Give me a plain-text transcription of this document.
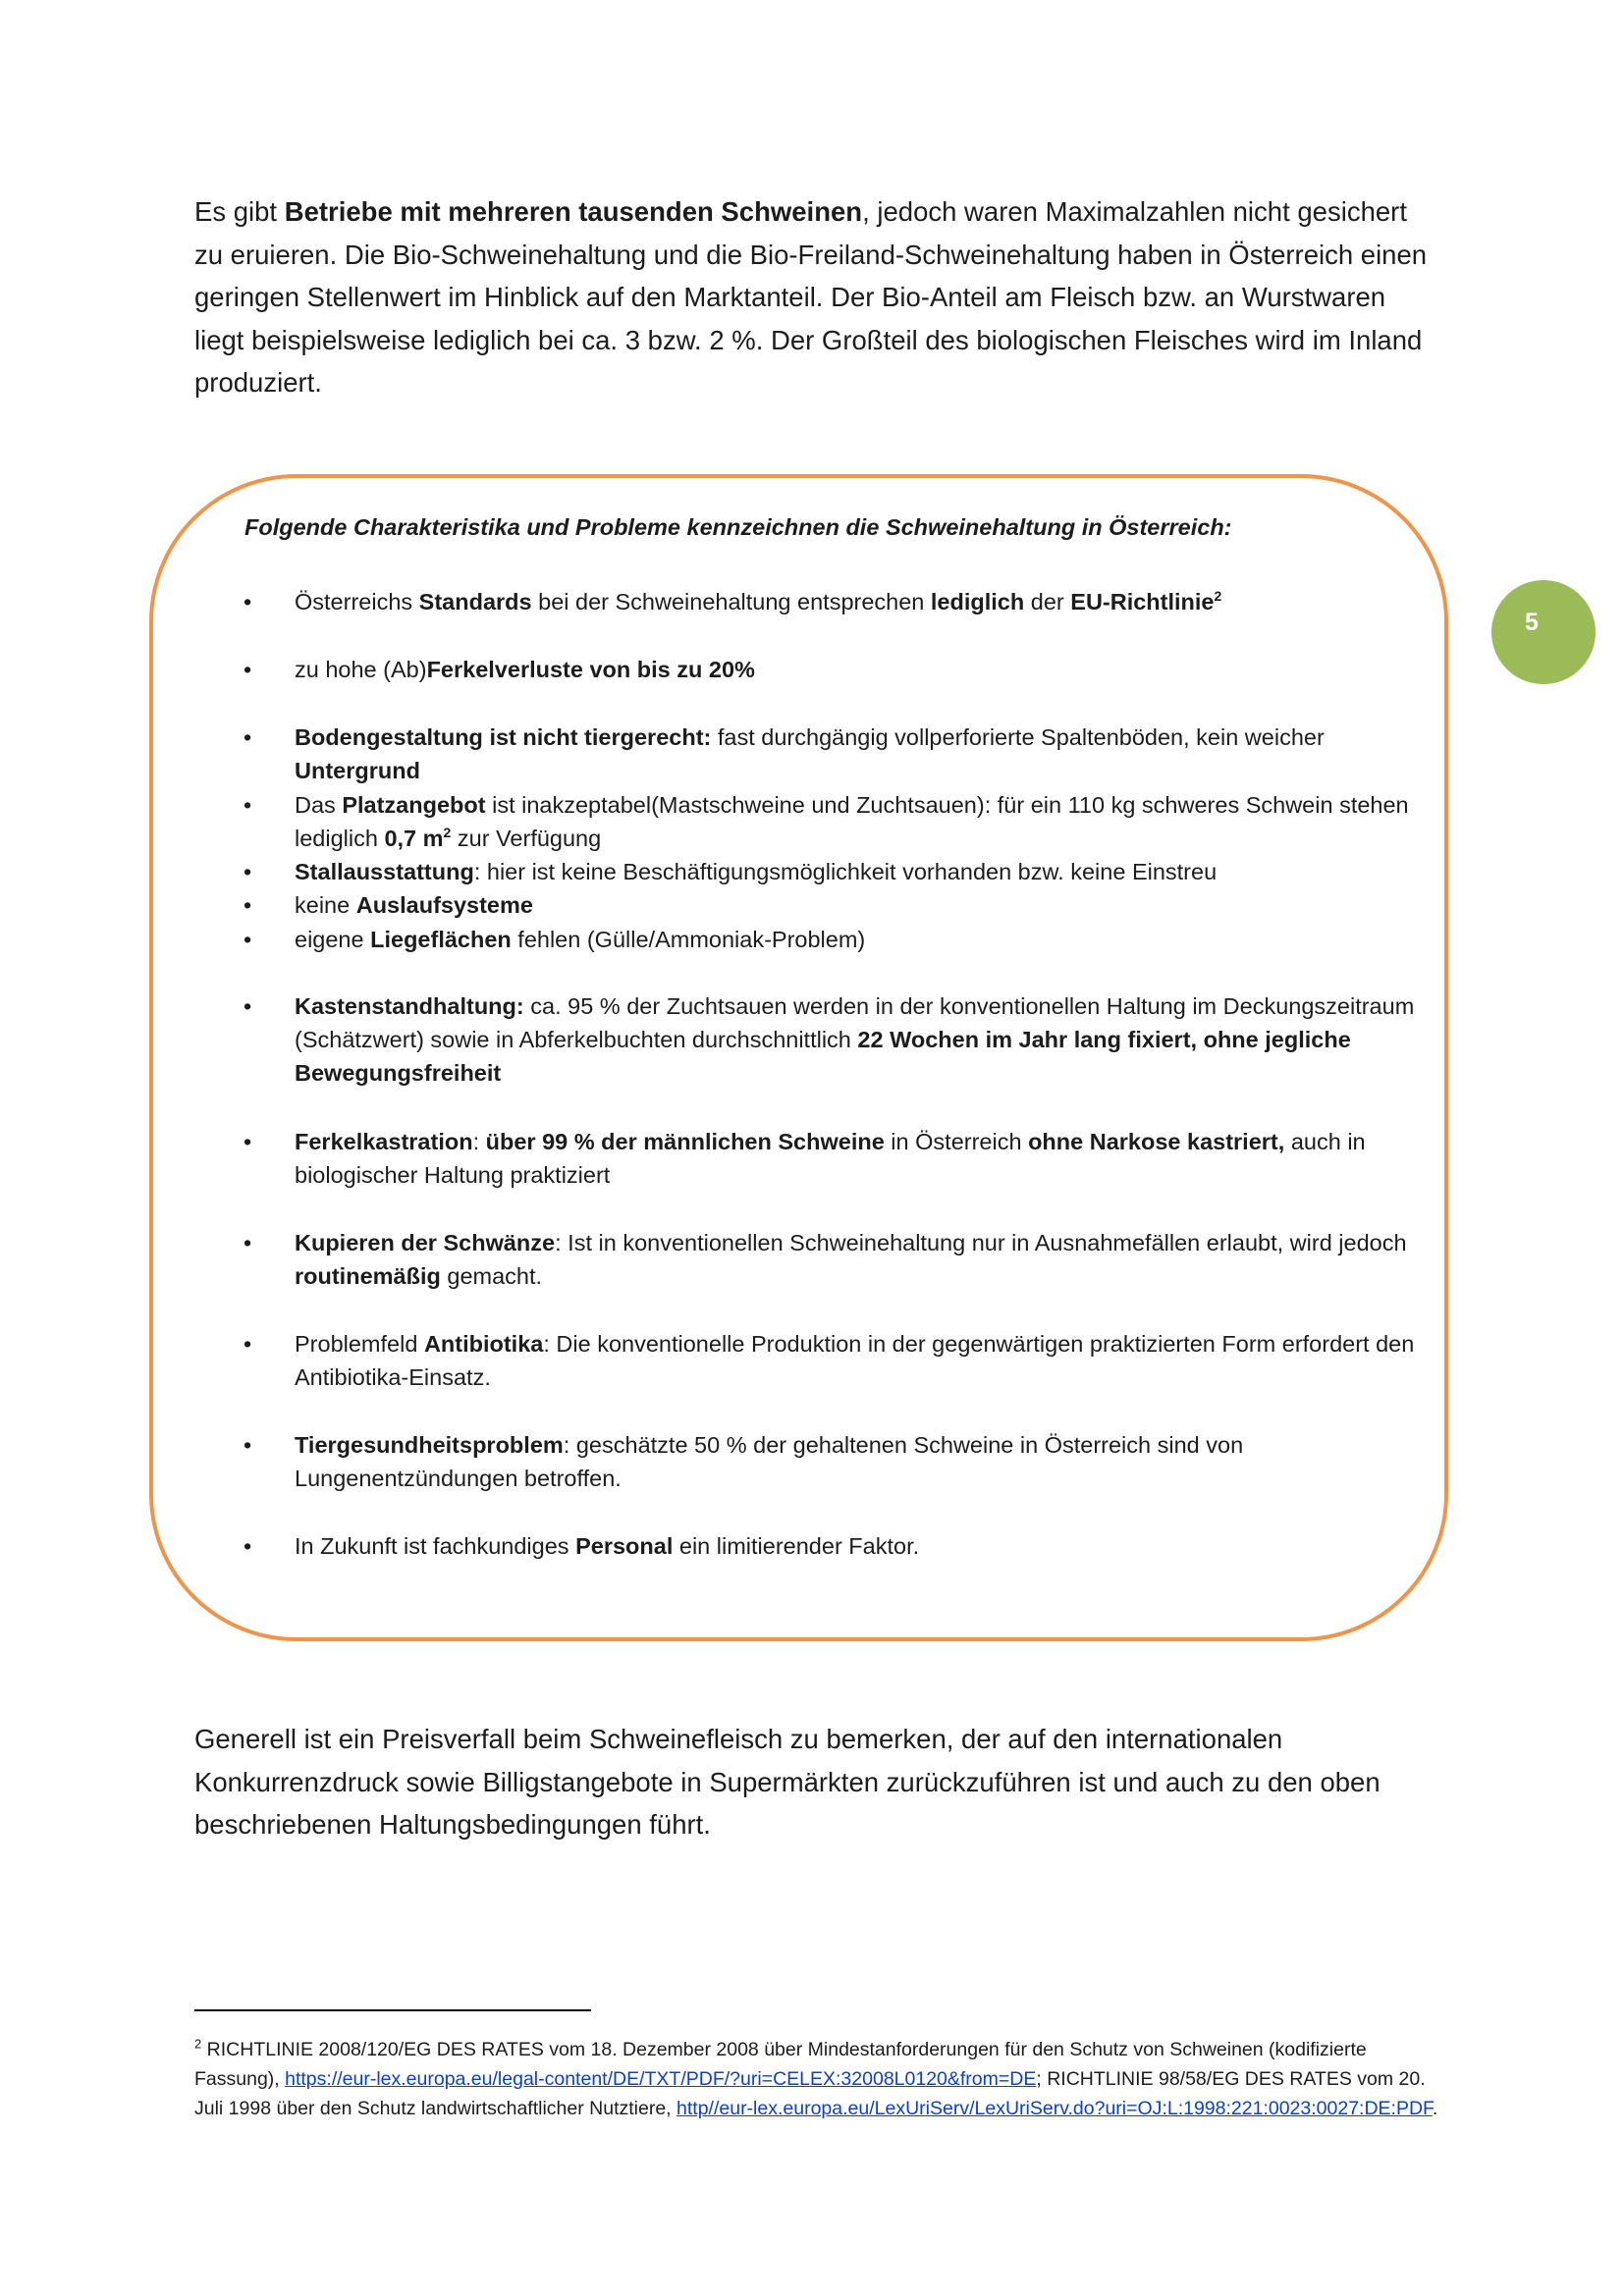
Es gibt Betriebe mit mehreren tausenden Schweinen, jedoch waren Maximalzahlen nicht gesichert zu eruieren. Die Bio-Schweinehaltung und die Bio-Freiland-Schweinehaltung haben in Österreich einen geringen Stellenwert im Hinblick auf den Marktanteil. Der Bio-Anteil am Fleisch bzw. an Wurstwaren liegt beispielsweise lediglich bei ca. 3 bzw. 2 %. Der Großteil des biologischen Fleisches wird im Inland produziert.

Folgende Charakteristika und Probleme kennzeichnen die Schweinehaltung in Österreich:

• Österreichs Standards bei der Schweinehaltung entsprechen lediglich der EU-Richtlinie$^2$
• zu hohe (Ab)Ferkelverluste von bis zu 20%
• Bodengestaltung ist nicht tiergerecht: fast durchgängig vollperforierte Spaltenböden, kein weicher Untergrund
• Das Platzangebot ist inakzeptabel(Mastschweine und Zuchtsauen): für ein 110 kg schweres Schwein stehen lediglich 0,7 $m^2$ zur Verfügung
• Stallausstattung: hier ist keine Beschäftigungsmöglichkeit vorhanden bzw. keine Einstreu
• keine Auslaufsysteme
• eigene Liegeflächen fehlen (Gülle/Ammoniak-Problem)
• Kastenstandhaltung: ca. 95 % der Zuchtsauen werden in der konventionellen Haltung im Deckungszeitraum (Schätzwert) sowie in Abferkelbuchten durchschnittlich 22 Wochen im Jahr lang fixiert, ohne jegliche Bewegungsfreiheit
• Ferkelkastration: über 99 % der männlichen Schweine in Österreich ohne Narkose kastriert, auch in biologischer Haltung praktiziert
• Kupieren der Schwänze: Ist in konventionellen Schweinehaltung nur in Ausnahmefällen erlaubt, wird jedoch routinemäßig gemacht.
• Problemfeld Antibiotika: Die konventionelle Produktion in der gegenwärtigen praktizierten Form erfordert den Antibiotika-Einsatz.
• Tiergesundheitsproblem: geschätzte 50 % der gehaltenen Schweine in Österreich sind von Lungenentzündungen betroffen.
• In Zukunft ist fachkundiges Personal ein limitierender Faktor.
5

Generell ist ein Preisverfall beim Schweinefleisch zu bemerken, der auf den internationalen Konkurrenzdruck sowie Billigstangebote in Supermärkten zurückzuführen ist und auch zu den oben beschriebenen Haltungsbedingungen führt.

$^2$ RICHTLINIE 2008/120/EG DES RATES vom 18. Dezember 2008 über Mindestanforderungen für den Schutz von Schweinen (kodifizierte Fassung), https://eur-lex.europa.eu/legal-content/DE/TXT/PDF/?uri=CELEX:32008L0120&from=DE; RICHTLINIE 98/58/EG DES RATES vom 20. Juli 1998 über den Schutz landwirtschaftlicher Nutztiere, http//eur-lex.europa.eu/LexUriServ/LexUriServ.do?uri=OJ:L:1998:221:0023:0027:DE:PDF.
